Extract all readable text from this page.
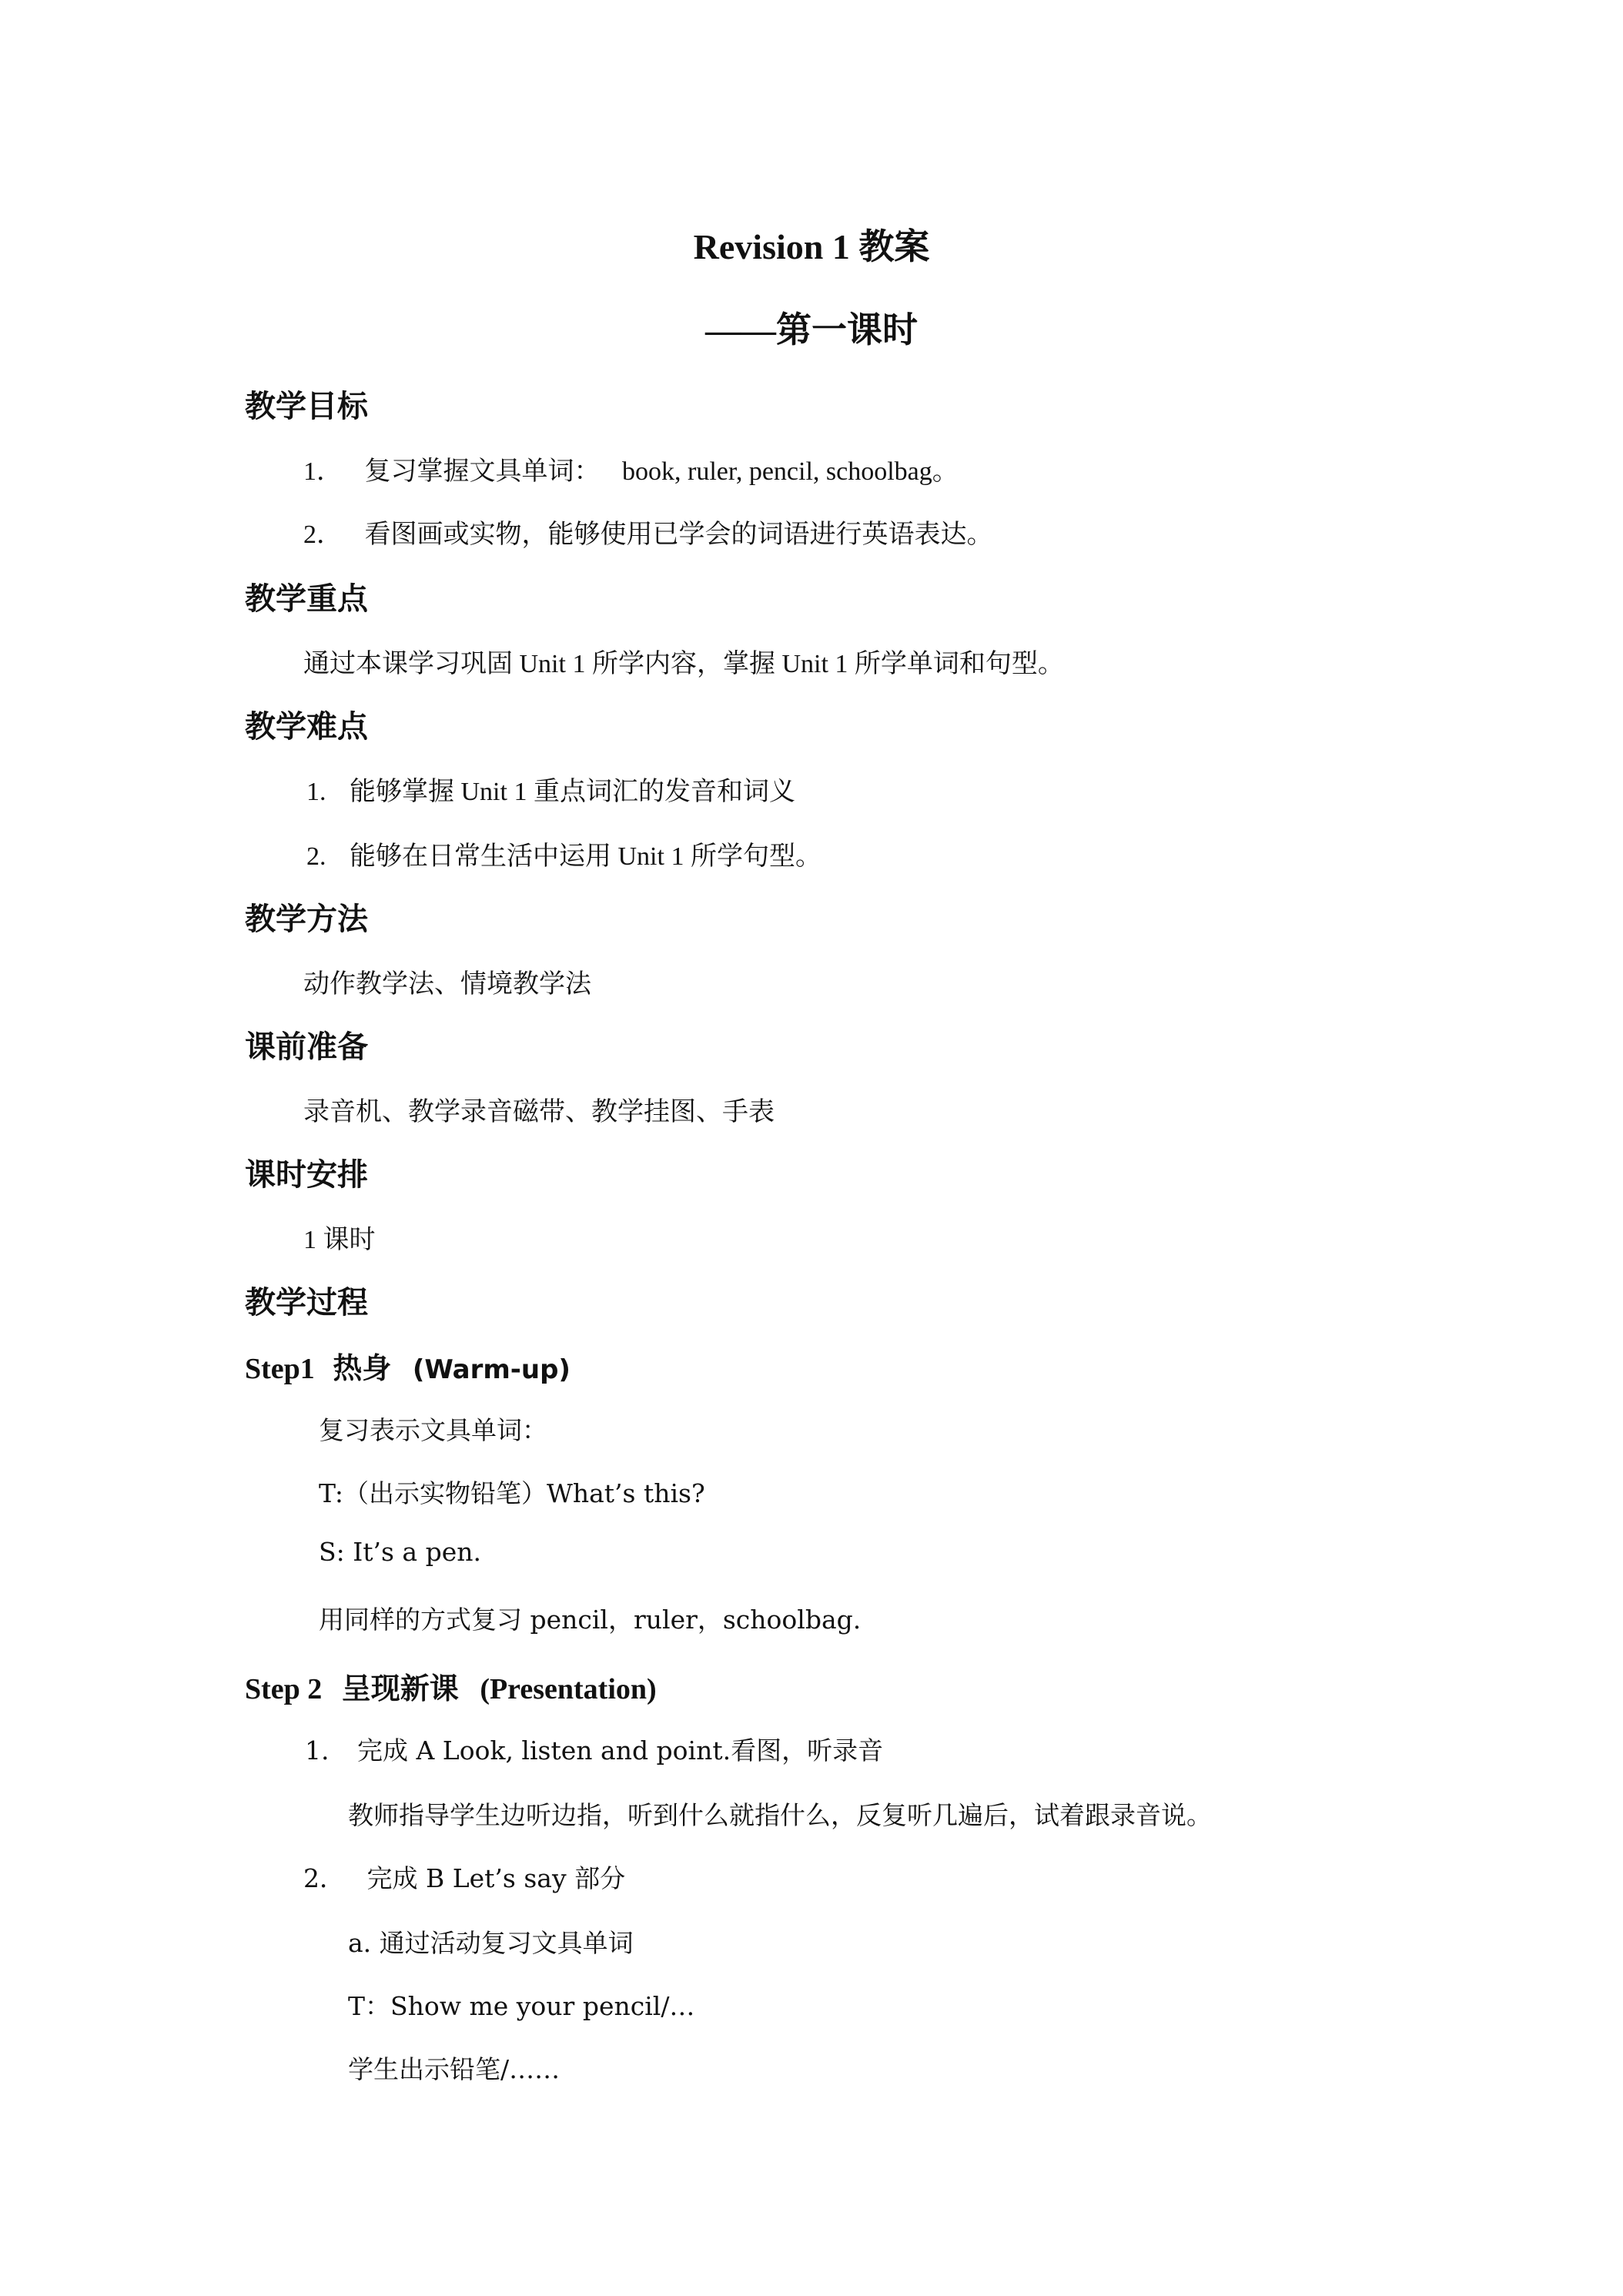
Revision 1 教案
——第一课时
教学目标
1． 复习掌握文具单词： book, ruler, pencil, schoolbag。
2． 看图画或实物，能够使用已学会的词语进行英语表达。
教学重点
通过本课学习巩固 Unit 1 所学内容，掌握 Unit 1 所学单词和句型。
教学难点
1. 能够掌握 Unit 1 重点词汇的发音和词义
2. 能够在日常生活中运用 Unit 1 所学句型。
教学方法
动作教学法、情境教学法
课前准备
录音机、教学录音磁带、教学挂图、手表
课时安排
1 课时
教学过程
Step1 热身 (Warm-up)
复习表示文具单词：
T:（出示实物铅笔）What’s this?
S: It’s a pen.
用同样的方式复习 pencil，ruler，schoolbag.
Step 2 呈现新课 (Presentation)
1. 完成 A Look, listen and point.看图，听录音
教师指导学生边听边指，听到什么就指什么，反复听几遍后，试着跟录音说。
2． 完成 B Let’s say 部分
a. 通过活动复习文具单词
T：Show me your pencil/…
学生出示铅笔/……
